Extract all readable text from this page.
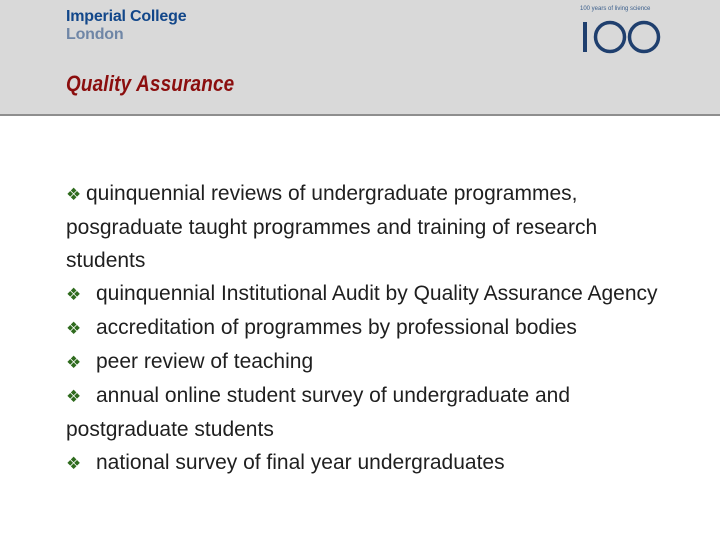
Imperial College
London
100 years of living science
Quality Assurance
❖ quinquennial reviews of undergraduate programmes, posgraduate taught programmes and training of research students
❖ quinquennial Institutional Audit by Quality Assurance Agency
❖ accreditation of programmes by professional bodies
❖ peer review of teaching
❖ annual online student survey of undergraduate and postgraduate students
❖ national survey of final year undergraduates
